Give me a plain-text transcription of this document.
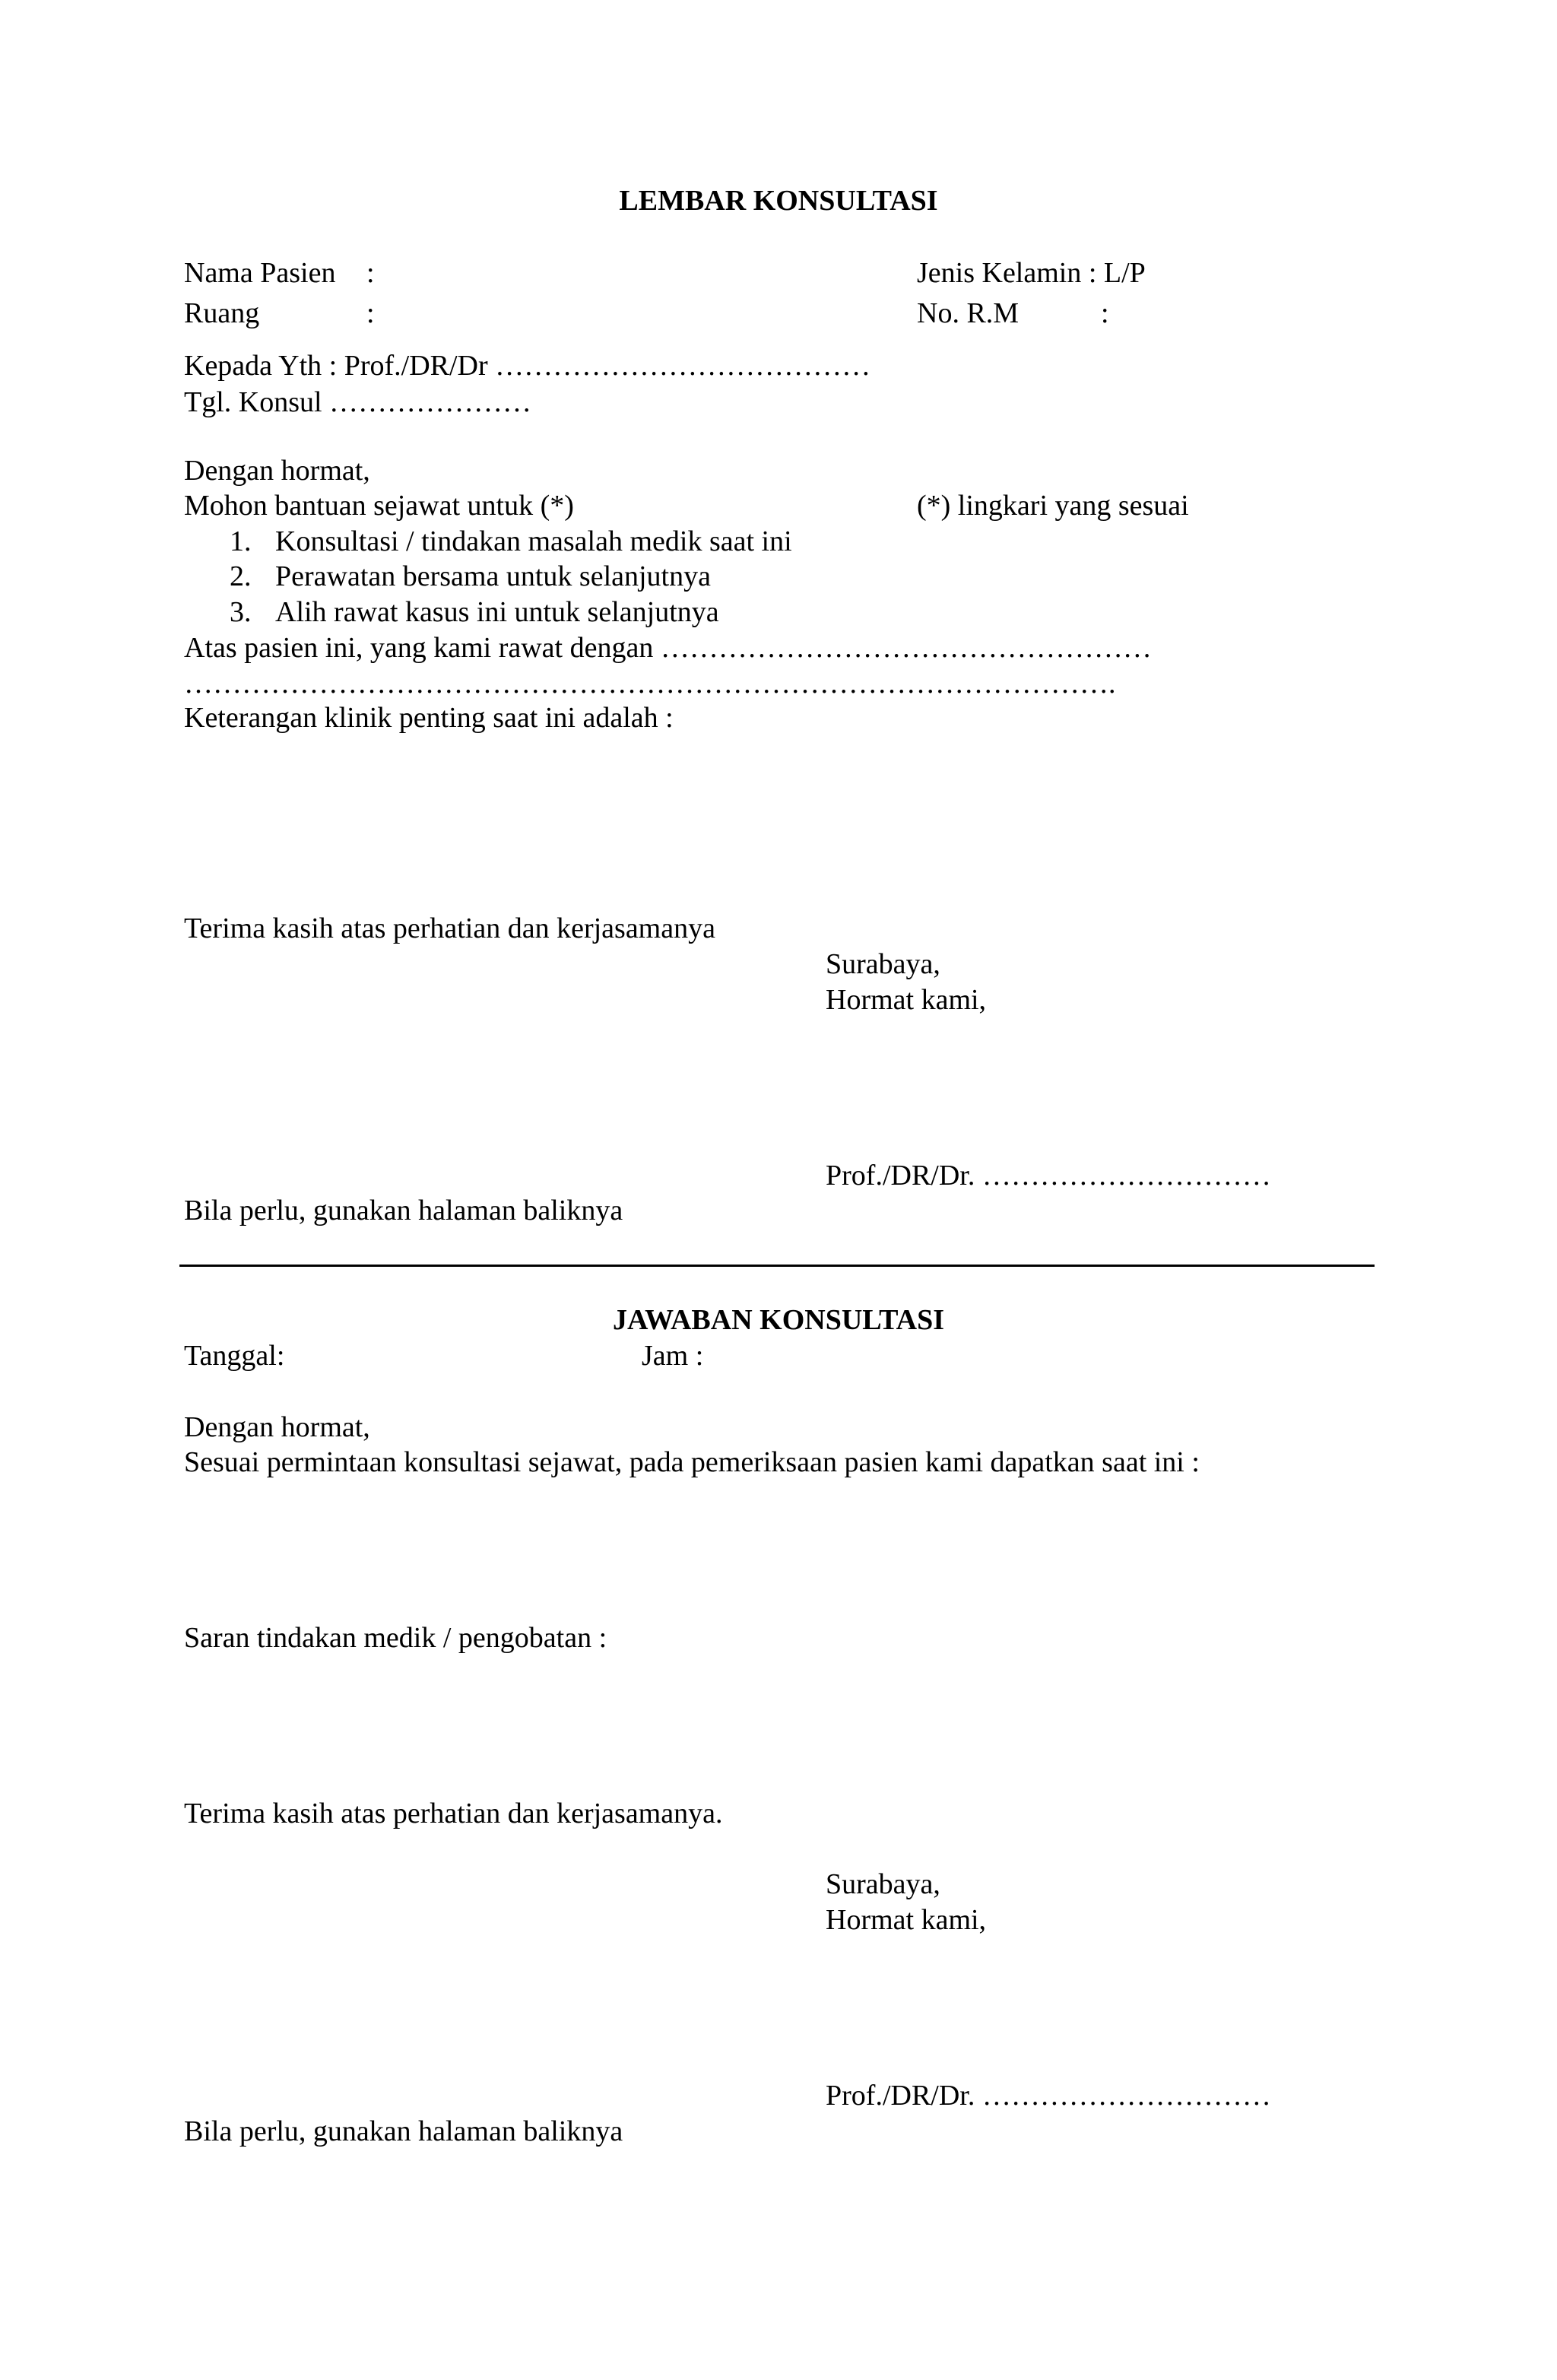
LEMBAR KONSULTASI
Nama Pasien :	Jenis Kelamin : L/P
Ruang	:	No. R.M	:
Kepada Yth : Prof./DR/Dr …………………………………
Tgl. Konsul …………………
Dengan hormat,
Mohon bantuan sejawat untuk (*)	(*) lingkari yang sesuai
1. Konsultasi / tindakan masalah medik saat ini
2. Perawatan bersama untuk selanjutnya
3. Alih rawat kasus ini untuk selanjutnya
Atas pasien ini, yang kami rawat dengan ……………………………………………
…………………………………………………………………………………….
Keterangan klinik penting saat ini adalah :
Terima kasih atas perhatian dan kerjasamanya
Surabaya,
Hormat kami,
Prof./DR/Dr. …………………………
Bila perlu, gunakan halaman baliknya
JAWABAN KONSULTASI
Tanggal:	Jam :
Dengan hormat,
Sesuai permintaan konsultasi sejawat, pada pemeriksaan pasien kami dapatkan saat ini :
Saran tindakan medik / pengobatan :
Terima kasih atas perhatian dan kerjasamanya.
Surabaya,
Hormat kami,
Prof./DR/Dr. …………………………
Bila perlu, gunakan halaman baliknya
